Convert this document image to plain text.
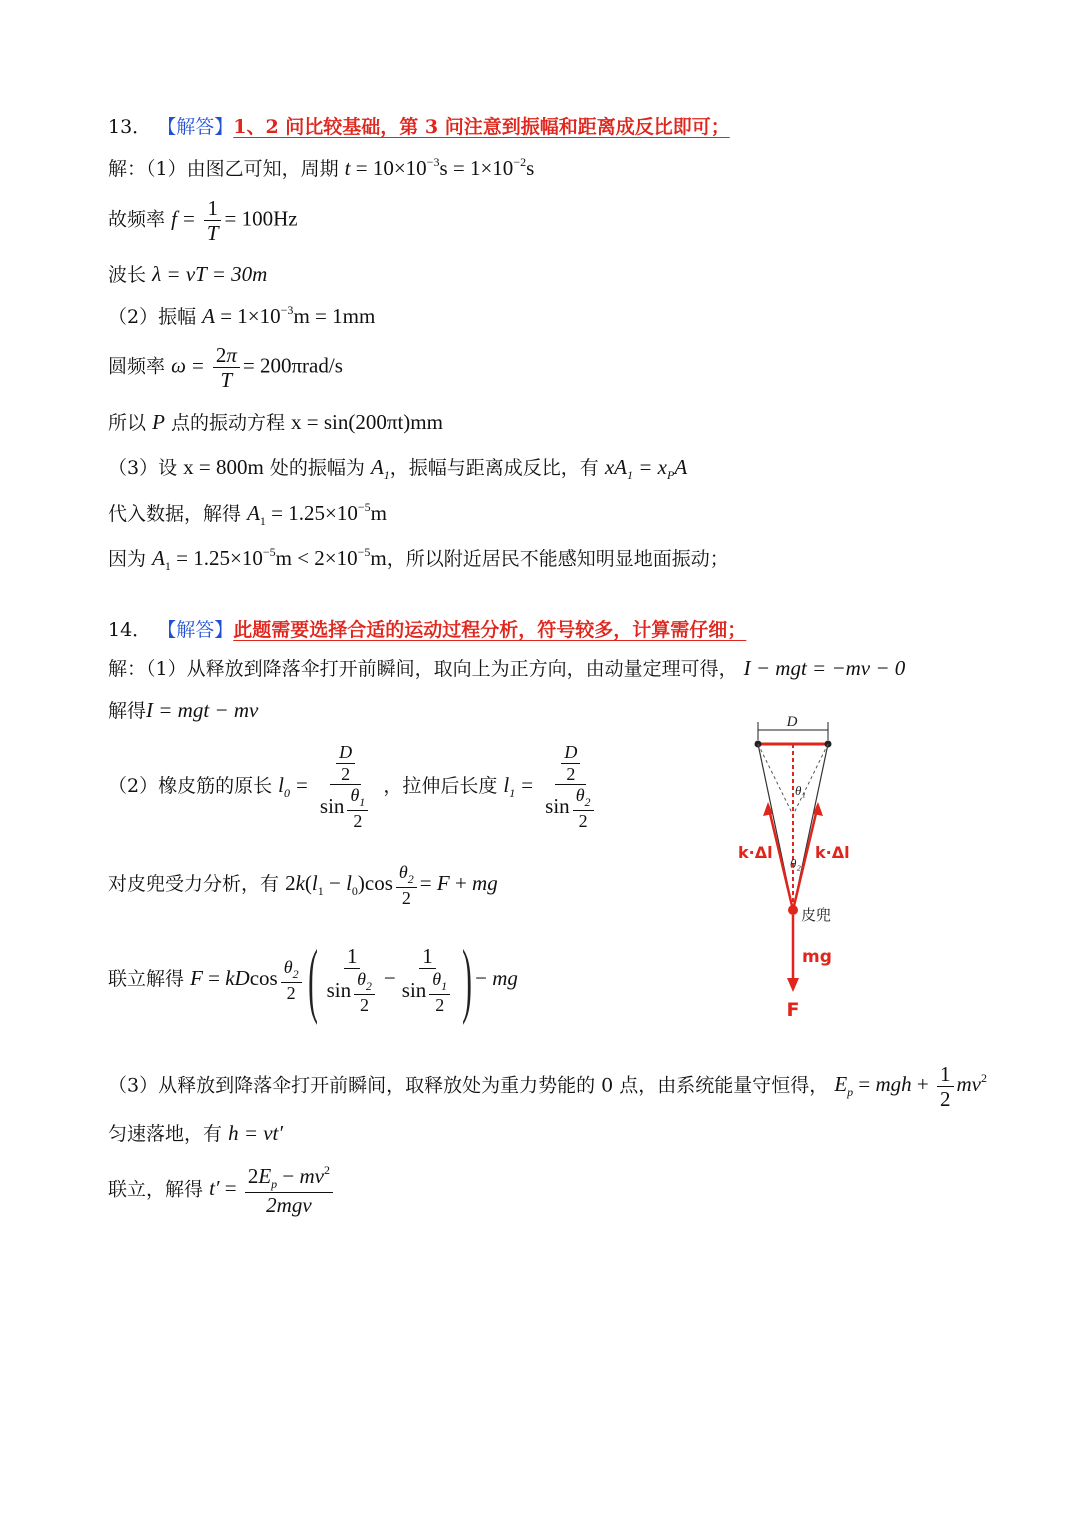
13． 【解答】1、2 问比较基础，第 3 问注意到振幅和距离成反比即可；
解：（1）由图乙可知，周期 $t = 10\times 10^{-3}s = 1\times 10^{-2}s$
故频率 $f = \frac{1}{T} = 100Hz$
波长 λ = vT = 30m
（2）振幅 $A = 1\times 10^{-3}m = 1mm$
圆频率 $\omega = \frac{2\pi}{T} = 200\pi rad/s$
所以 P 点的振动方程 x = sin(200πt)mm
（3）设 x = 800m 处的振幅为 $A_1$，振幅与距离成反比，有 $xA_1 = x_PA$
代入数据，解得 $A_1 = 1.25\times 10^{-5}m$
因为 $A_1 = 1.25\times 10^{-5}m < 2\times 10^{-5}m$，所以附近居民不能感知明显地面振动；
14． 【解答】此题需要选择合适的运动过程分析，符号较多，计算需仔细；
解：（1）从释放到降落伞打开前瞬间，取向上为正方向，由动量定理可得， I − mgt = −mv − 0
解得I = mgt − mv
（2）橡皮筋的原长 $l_0 = \frac{\frac{D}{2}}{\sin \frac{\theta_1}{2}}$ ，拉伸后长度 $l_1 = \frac{\frac{D}{2}}{\sin \frac{\theta_2}{2}}$
对皮兜受力分析，有 $2k(l_1 - l_0)\cos \frac{\theta_2}{2} = F$ + mg
联立解得 F = kDcos $\frac{\theta_2}{2}$ ( $\frac{1}{\sin \frac{\theta_2}{2}} - \frac{1}{\sin \frac{\theta_1}{2}}$ ) − mg
（3）从释放到降落伞打开前瞬间，取释放处为重力势能的 0 点，由系统能量守恒得， $E_p$ = mgh + $\frac{1}{2} mv^2$
匀速落地，有 h = vt′
联立，解得 $t' = \frac{2E_p - mv^2}{\text{2mgv}}$
D
θ₁
θ₂
k·Δl	k·Δl
皮兜
mg
F
